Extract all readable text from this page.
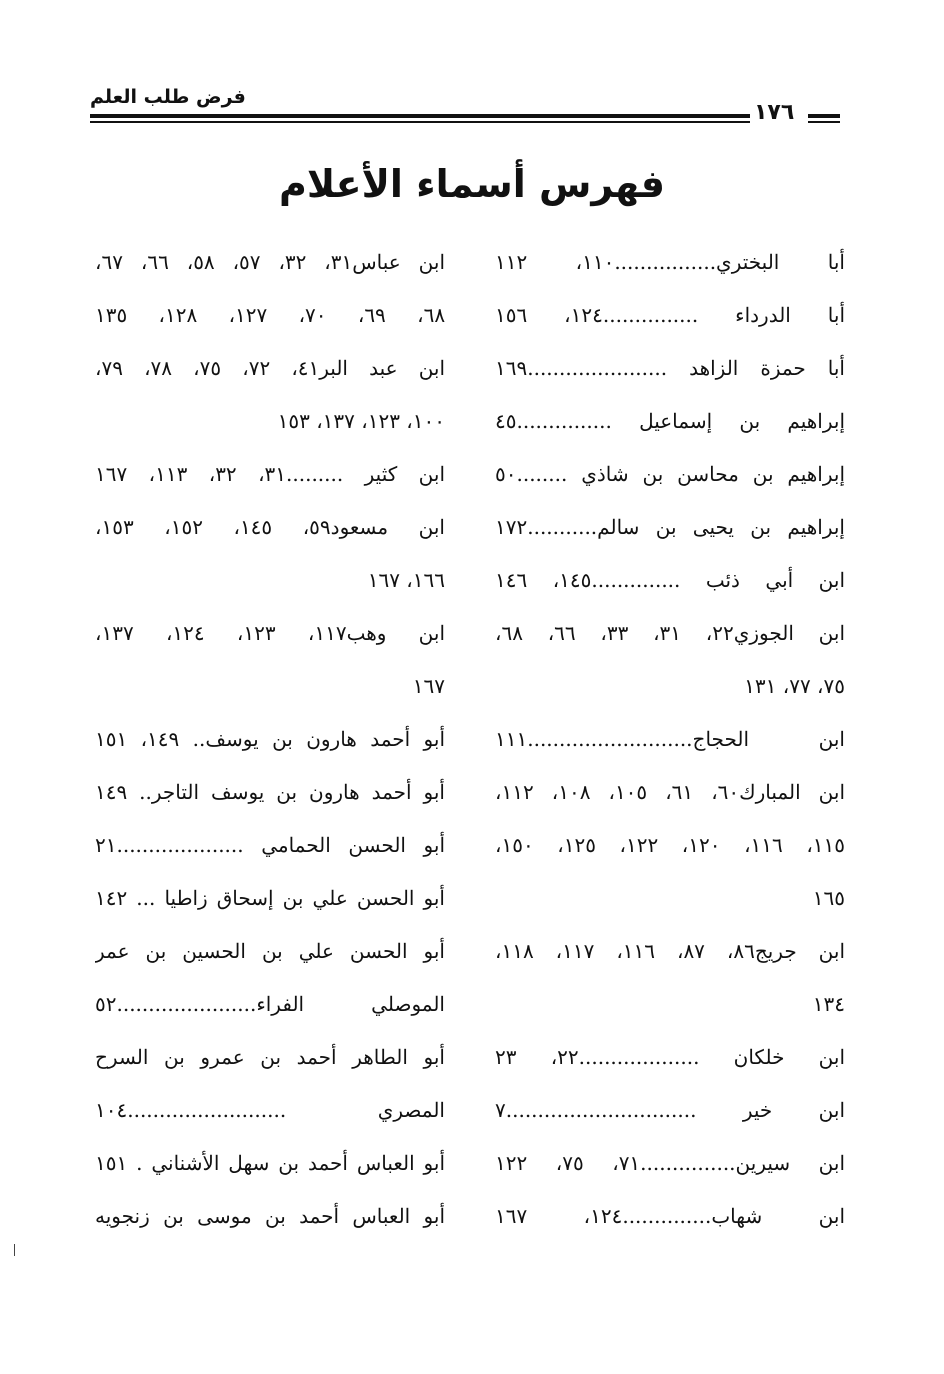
فرض طلب العلم
١٧٦
فهرس أسماء الأعلام
أبا البختري................١١٠، ١١٢
أبا الدرداء ...............١٢٤، ١٥٦
أبا حمزة الزاهد ......................١٦٩
إبراهيم بن إسماعيل ...............٤٥
إبراهيم بن محاسن بن شاذي ........٥٠
إبراهيم بن يحيى بن سالم...........١٧٢
ابن أبي ذئب ..............١٤٥، ١٤٦
ابن الجوزي٢٢، ٣١، ٣٣، ٦٦، ٦٨،
٧٥، ٧٧، ١٣١
ابن الحجاج..........................١١١
ابن المبارك٦٠، ٦١، ١٠٥، ١٠٨، ١١٢،
١١٥، ١١٦، ١٢٠، ١٢٢، ١٢٥، ١٥٠،
١٦٥
ابن جريج٨٦، ٨٧، ١١٦، ١١٧، ١١٨،
١٣٤
ابن خلكان ...................٢٢، ٢٣
ابن خير ..............................٧
ابن سيرين...............٧١، ٧٥، ١٢٢
ابن شهاب..............١٢٤، ١٦٧
ابن عباس٣١، ٣٢، ٥٧، ٥٨، ٦٦، ٦٧،
٦٨، ٦٩، ٧٠، ١٢٧، ١٢٨، ١٣٥
ابن عبد البر٤١، ٧٢، ٧٥، ٧٨، ٧٩،
١٠٠، ١٢٣، ١٣٧، ١٥٣
ابن كثير .........٣١، ٣٢، ١١٣، ١٦٧
ابن مسعود٥٩، ١٤٥، ١٥٢، ١٥٣،
١٦٦، ١٦٧
ابن وهب١١٧، ١٢٣، ١٢٤، ١٣٧،
١٦٧
أبو أحمد هارون بن يوسف.. ١٤٩، ١٥١
أبو أحمد هارون بن يوسف التاجر.. ١٤٩
أبو الحسن الحمامي ....................٢١
أبو الحسن علي بن إسحاق زاطيا ... ١٤٢
أبو الحسن علي بن الحسين بن عمر
الموصلي الفراء......................٥٢
أبو الطاهر أحمد بن عمرو بن السرح
المصري .........................١٠٤
أبو العباس أحمد بن سهل الأشناني . ١٥١
أبو العباس أحمد بن موسى بن زنجويه
